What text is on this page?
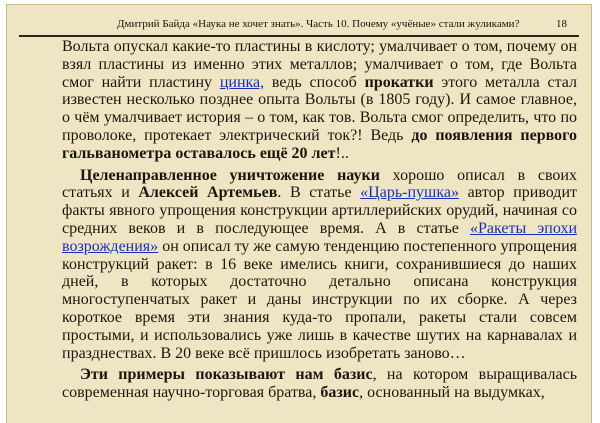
Дмитрий Байда «Наука не хочет знать». Часть 10. Почему «учёные» стали жуликами?	18

Вольта опускал какие-то пластины в кислоту; умалчивает о том, почему он взял пластины из именно этих металлов; умалчивает о том, где Вольта смог найти пластину цинка, ведь способ прокатки этого металла стал известен несколько позднее опыта Вольты (в 1805 году). И самое главное, о чём умалчивает история – о том, как тов. Вольта смог определить, что по проволоке, протекает электрический ток?! Ведь до появления первого гальванометра оставалось ещё 20 лет!..

Целенаправленное уничтожение науки хорошо описал в своих статьях и Алексей Артемьев. В статье «Царь-пушка» автор приводит факты явного упрощения конструкции артиллерийских орудий, начиная со средних веков и в последующее время. А в статье «Ракеты эпохи возрождения» он описал ту же самую тенденцию постепенного упрощения конструкций ракет: в 16 веке имелись книги, сохранившиеся до наших дней, в которых достаточно детально описана конструкция многоступенчатых ракет и даны инструкции по их сборке. А через короткое время эти знания куда-то пропали, ракеты стали совсем простыми, и использовались уже лишь в качестве шутих на карнавалах и празднествах. В 20 веке всё пришлось изобретать заново…

Эти примеры показывают нам базис, на котором выращивалась современная научно-торговая братва, базис, основанный на выдумках,
